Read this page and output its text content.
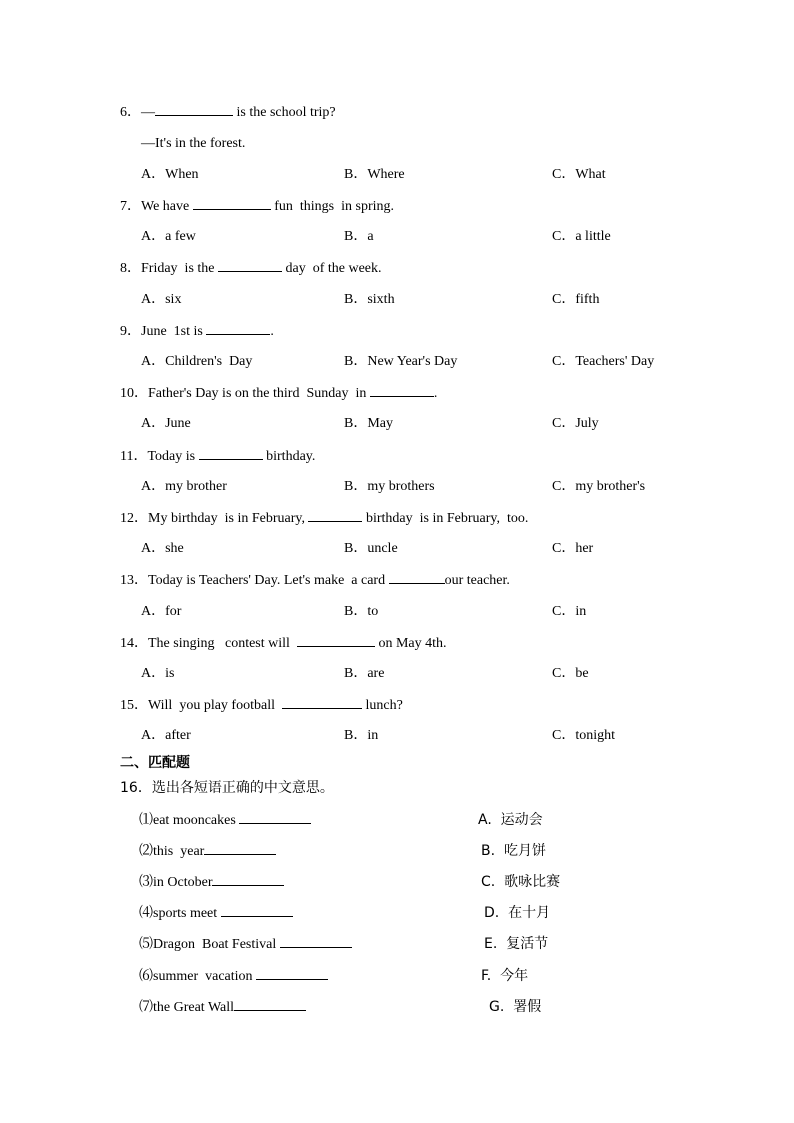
6．—	is the school trip?
—It's in the forest.
A．When	B．Where	C．What
7．We have	fun  things  in spring.
A．a few	B．a	C．a little
8．Friday  is the	day  of the week.
A．six	B．sixth	C．fifth
9．June  1st is	.
A．Children's  Day	B．New Year's Day	C．Teachers' Day
10．Father's Day is on the third  Sunday  in	.
A．June	B．May	C．July
11．Today is	birthday.
A．my brother	B．my brothers	C．my brother's
12．My birthday  is in February,	birthday  is in February,  too.
A．she	B．uncle	C．her
13．Today is Teachers' Day. Let's make  a card	our teacher.
A．for	B．to	C．in
14．The singing   contest will	on May 4th.
A．is	B．are	C．be
15．Will  you play football	lunch?
A．after	B．in	C．tonight
二、匹配题
16．选出各短语正确的中文意思。
⑴eat mooncakes	A.  运动会
⑵this  year	B.  吃月饼
⑶in October	C.  歌咏比赛
⑷sports meet	D.  在十月
⑸Dragon  Boat Festival	E.  复活节
⑹summer  vacation	F.  今年
⑺the Great Wall	G.  署假
